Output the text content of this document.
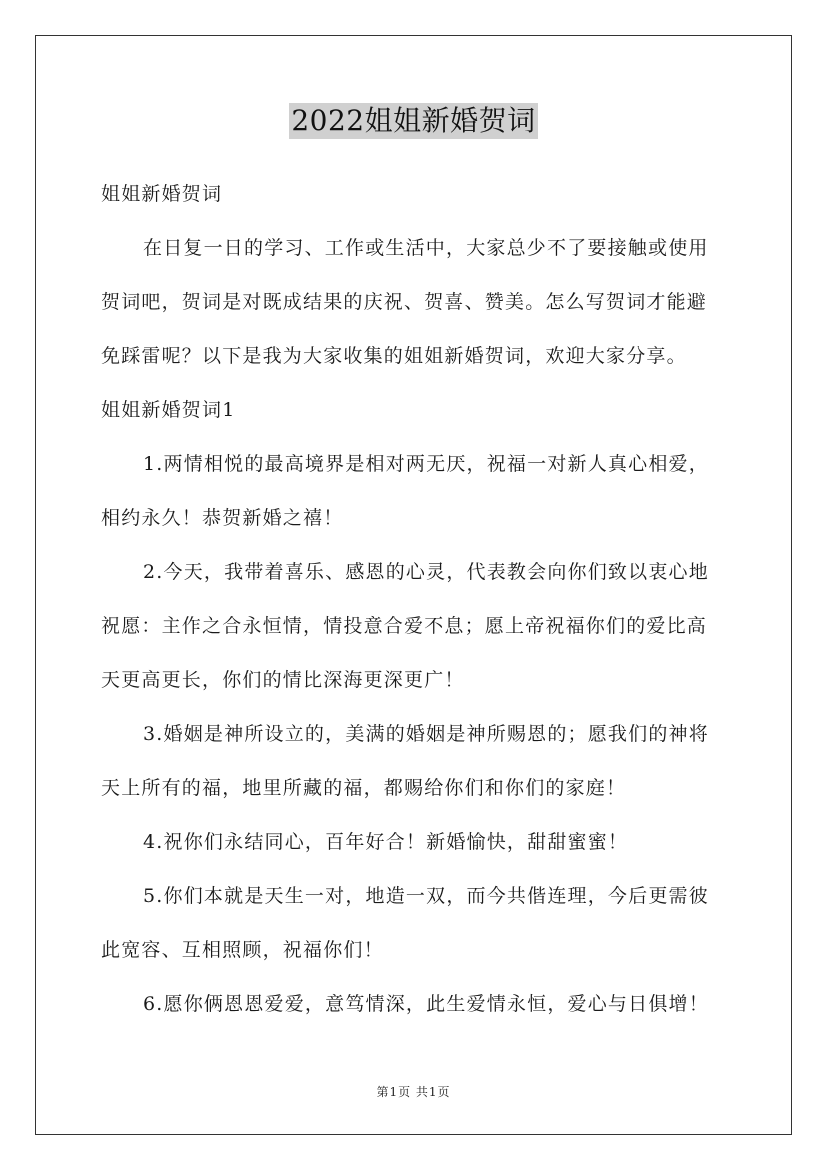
2022姐姐新婚贺词
姐姐新婚贺词
在日复一日的学习、工作或生活中，大家总少不了要接触或使用
贺词吧，贺词是对既成结果的庆祝、贺喜、赞美。怎么写贺词才能避
免踩雷呢？以下是我为大家收集的姐姐新婚贺词，欢迎大家分享。
姐姐新婚贺词1
1.两情相悦的最高境界是相对两无厌，祝福一对新人真心相爱，
相约永久！恭贺新婚之禧！
2.今天，我带着喜乐、感恩的心灵，代表教会向你们致以衷心地
祝愿：主作之合永恒情，情投意合爱不息；愿上帝祝福你们的爱比高
天更高更长，你们的情比深海更深更广！
3.婚姻是神所设立的，美满的婚姻是神所赐恩的；愿我们的神将
天上所有的福，地里所藏的福，都赐给你们和你们的家庭！
4.祝你们永结同心，百年好合！新婚愉快，甜甜蜜蜜！
5.你们本就是天生一对，地造一双，而今共偕连理，今后更需彼
此宽容、互相照顾，祝福你们！
6.愿你俩恩恩爱爱，意笃情深，此生爱情永恒，爱心与日俱增！
第1页 共1页
